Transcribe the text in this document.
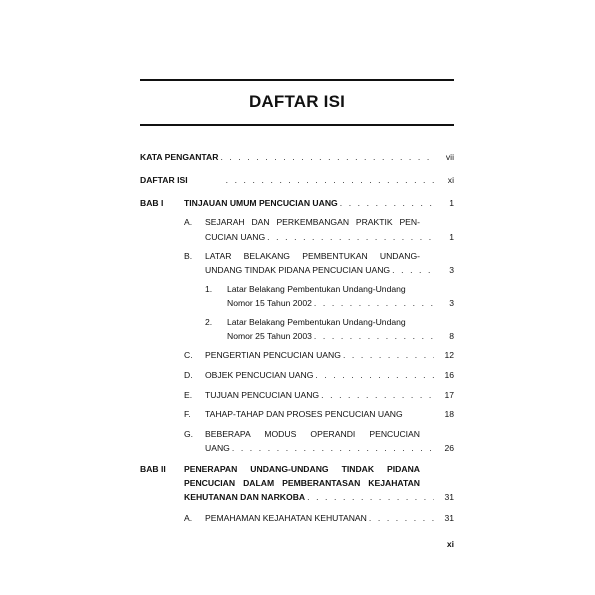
DAFTAR ISI
KATA PENGANTAR . . .	vii
DAFTAR ISI . . .	xi
BAB I TINJAUAN UMUM PENCUCIAN UANG . . .	1
A. SEJARAH DAN PERKEMBANGAN PRAKTIK PEN-
CUCIAN UANG . . .	1
B. LATAR BELAKANG PEMBENTUKAN UNDANG-
UNDANG TINDAK PIDANA PENCUCIAN UANG . . .	3
1. Latar Belakang Pembentukan Undang-Undang
Nomor 15 Tahun 2002 . . .	3
2. Latar Belakang Pembentukan Undang-Undang
Nomor 25 Tahun 2003 . . .	8
C. PENGERTIAN PENCUCIAN UANG . . .	12
D. OBJEK PENCUCIAN UANG . . .	16
E. TUJUAN PENCUCIAN UANG . . .	17
F. TAHAP-TAHAP DAN PROSES PENCUCIAN UANG	18
G. BEBERAPA MODUS OPERANDI PENCUCIAN
UANG . . .	26
BAB II PENERAPAN UNDANG-UNDANG TINDAK PIDANA
PENCUCIAN DALAM PEMBERANTASAN KEJAHATAN
KEHUTANAN DAN NARKOBA . . .	31
A. PEMAHAMAN KEJAHATAN KEHUTANAN . . .	31
xi
